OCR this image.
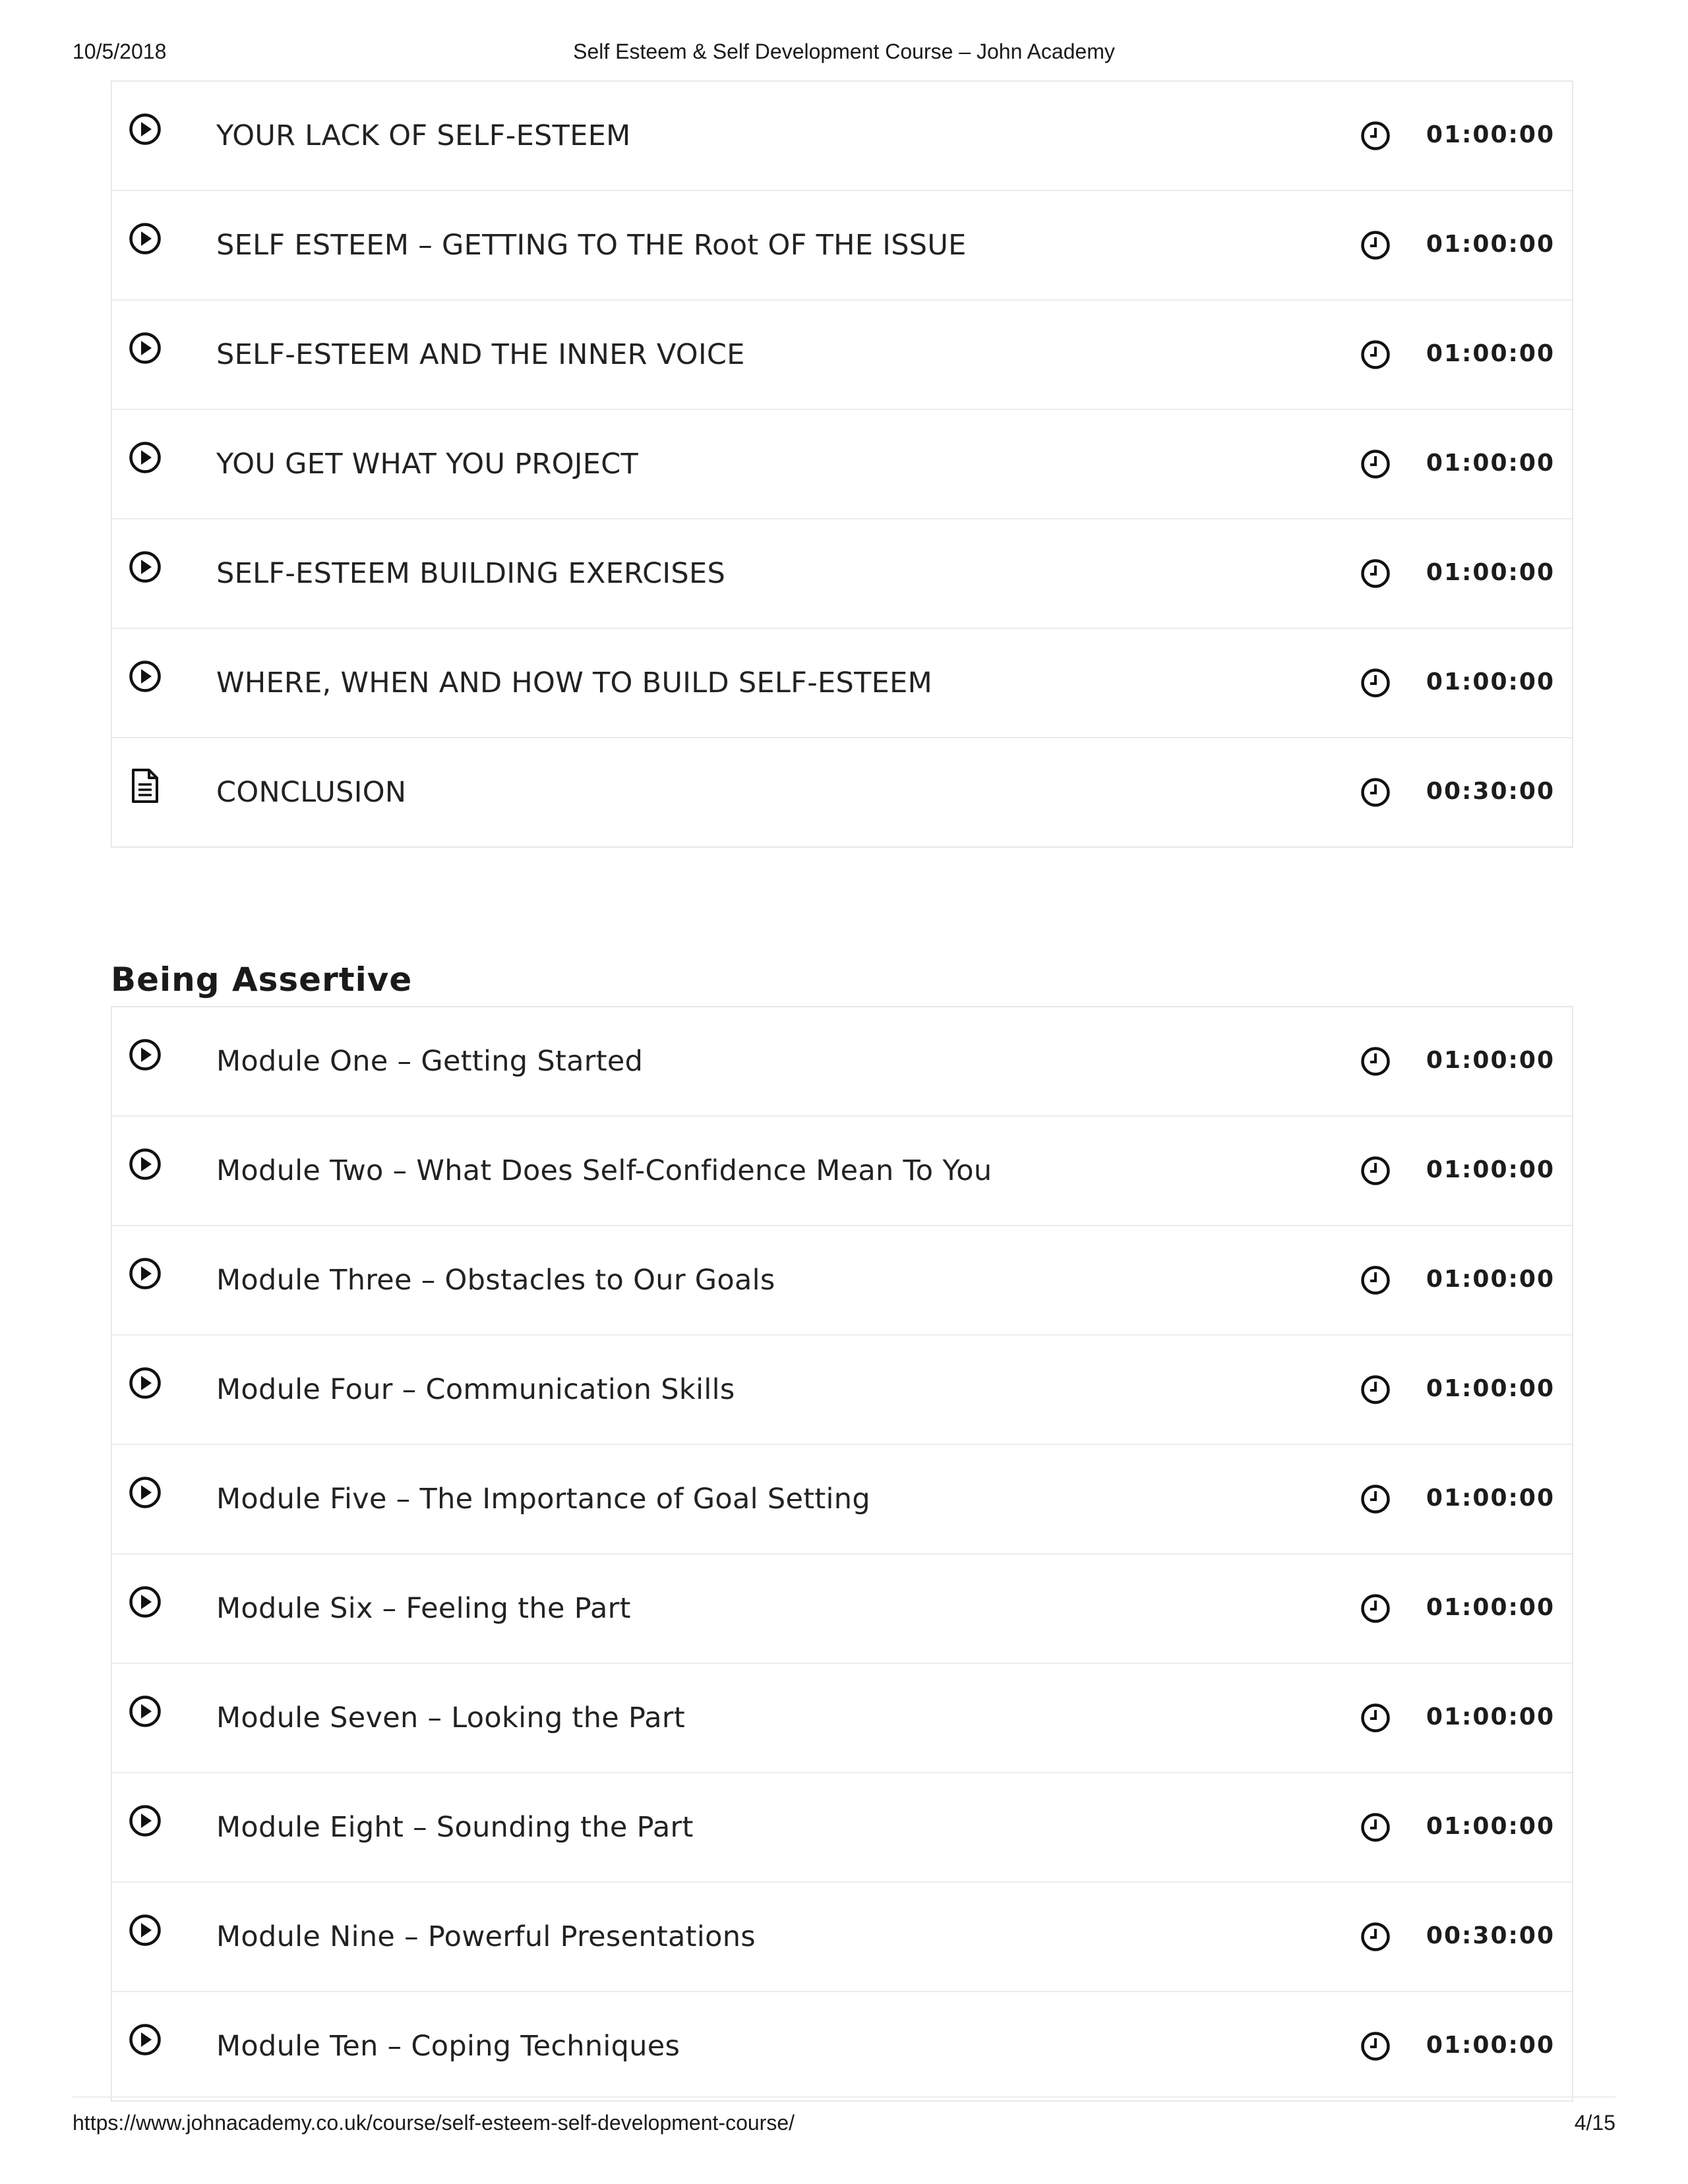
10/5/2018	Self Esteem & Self Development Course – John Academy
YOUR LACK OF SELF-ESTEEM	01:00:00
SELF ESTEEM – GETTING TO THE Root OF THE ISSUE	01:00:00
SELF-ESTEEM AND THE INNER VOICE	01:00:00
YOU GET WHAT YOU PROJECT	01:00:00
SELF-ESTEEM BUILDING EXERCISES	01:00:00
WHERE, WHEN AND HOW TO BUILD SELF-ESTEEM	01:00:00
CONCLUSION	00:30:00
Being Assertive
Module One – Getting Started	01:00:00
Module Two – What Does Self-Confidence Mean To You	01:00:00
Module Three – Obstacles to Our Goals	01:00:00
Module Four – Communication Skills	01:00:00
Module Five – The Importance of Goal Setting	01:00:00
Module Six – Feeling the Part	01:00:00
Module Seven – Looking the Part	01:00:00
Module Eight – Sounding the Part	01:00:00
Module Nine – Powerful Presentations	00:30:00
Module Ten – Coping Techniques	01:00:00
https://www.johnacademy.co.uk/course/self-esteem-self-development-course/	4/15
